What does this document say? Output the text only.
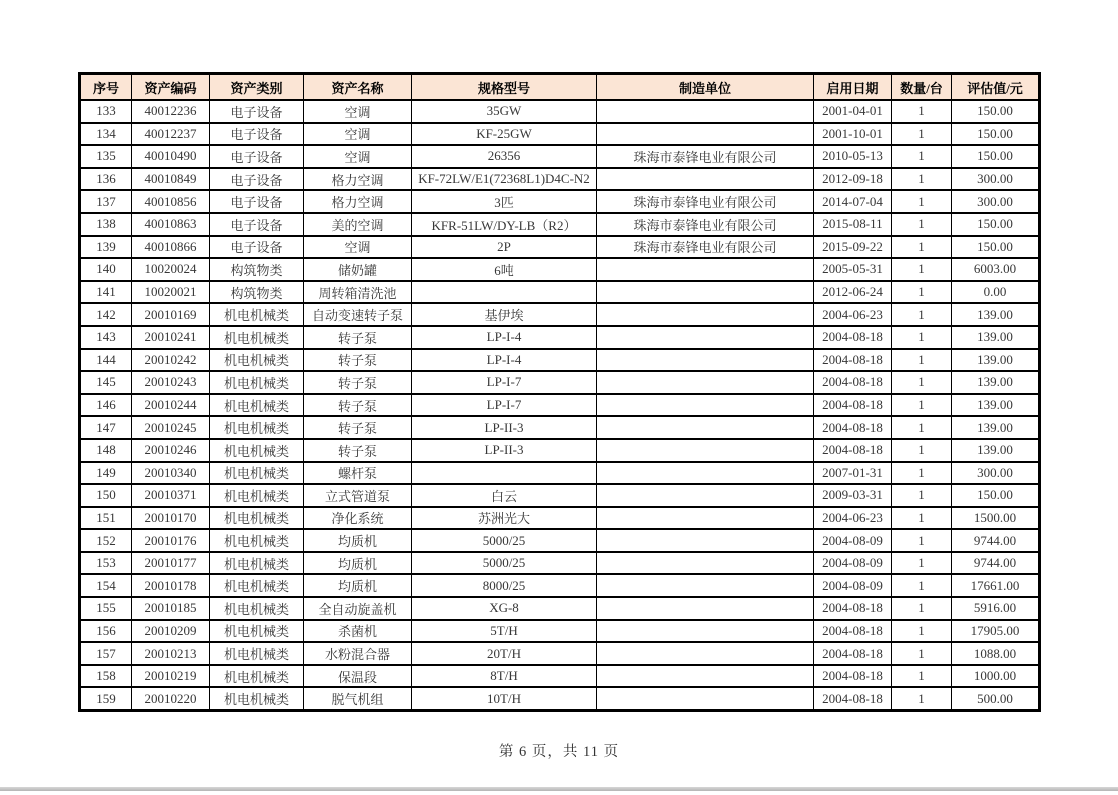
序号	资产编码	资产类别	资产名称	规格型号	制造单位	启用日期	数量/台	评估值/元
133	40012236	电子设备	空调	35GW		2001-04-01	1	150.00
134	40012237	电子设备	空调	KF-25GW		2001-10-01	1	150.00
135	40010490	电子设备	空调	26356	珠海市泰锋电业有限公司	2010-05-13	1	150.00
136	40010849	电子设备	格力空调	KF-72LW/E1(72368L1)D4C-N2		2012-09-18	1	300.00
137	40010856	电子设备	格力空调	3匹	珠海市泰锋电业有限公司	2014-07-04	1	300.00
138	40010863	电子设备	美的空调	KFR-51LW/DY-LB（R2）	珠海市泰锋电业有限公司	2015-08-11	1	150.00
139	40010866	电子设备	空调	2P	珠海市泰锋电业有限公司	2015-09-22	1	150.00
140	10020024	构筑物类	储奶罐	6吨		2005-05-31	1	6003.00
141	10020021	构筑物类	周转箱清洗池			2012-06-24	1	0.00
142	20010169	机电机械类	自动变速转子泵	基伊埃		2004-06-23	1	139.00
143	20010241	机电机械类	转子泵	LP-I-4		2004-08-18	1	139.00
144	20010242	机电机械类	转子泵	LP-I-4		2004-08-18	1	139.00
145	20010243	机电机械类	转子泵	LP-I-7		2004-08-18	1	139.00
146	20010244	机电机械类	转子泵	LP-I-7		2004-08-18	1	139.00
147	20010245	机电机械类	转子泵	LP-II-3		2004-08-18	1	139.00
148	20010246	机电机械类	转子泵	LP-II-3		2004-08-18	1	139.00
149	20010340	机电机械类	螺杆泵			2007-01-31	1	300.00
150	20010371	机电机械类	立式管道泵	白云		2009-03-31	1	150.00
151	20010170	机电机械类	净化系统	苏洲光大		2004-06-23	1	1500.00
152	20010176	机电机械类	均质机	5000/25		2004-08-09	1	9744.00
153	20010177	机电机械类	均质机	5000/25		2004-08-09	1	9744.00
154	20010178	机电机械类	均质机	8000/25		2004-08-09	1	17661.00
155	20010185	机电机械类	全自动旋盖机	XG-8		2004-08-18	1	5916.00
156	20010209	机电机械类	杀菌机	5T/H		2004-08-18	1	17905.00
157	20010213	机电机械类	水粉混合器	20T/H		2004-08-18	1	1088.00
158	20010219	机电机械类	保温段	8T/H		2004-08-18	1	1000.00
159	20010220	机电机械类	脱气机组	10T/H		2004-08-18	1	500.00
第 6 页，共 11 页
